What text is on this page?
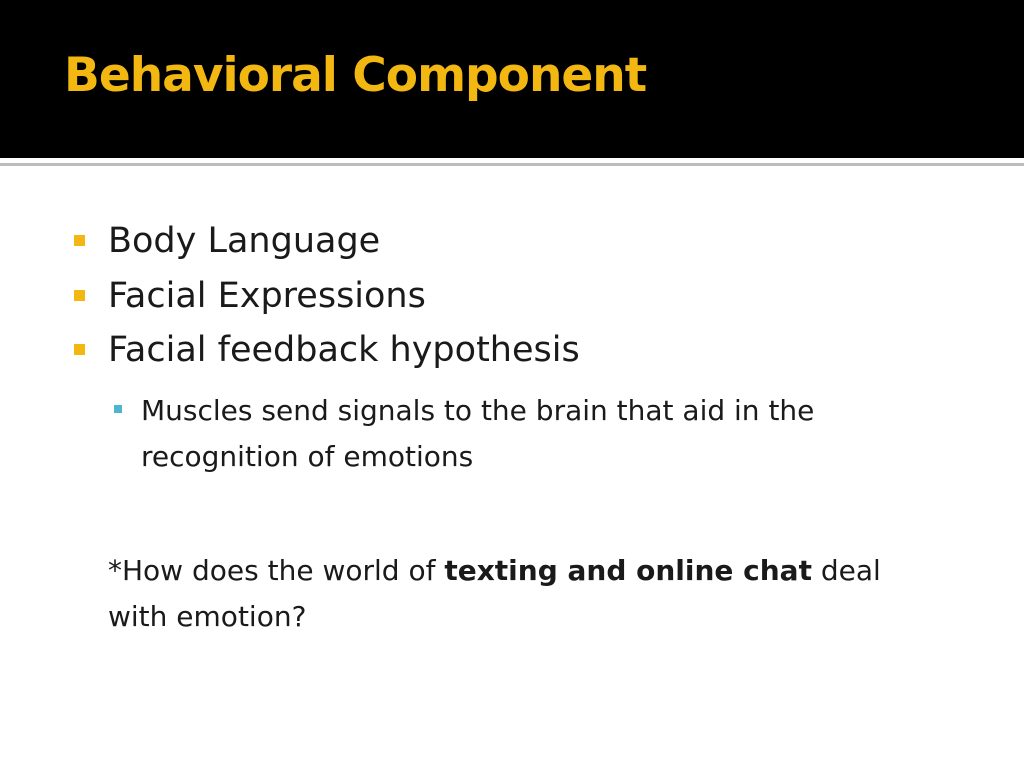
Behavioral Component
Body Language
Facial Expressions
Facial feedback hypothesis
Muscles send signals to the brain that aid in the recognition of emotions

*How does the world of texting and online chat deal with emotion?
